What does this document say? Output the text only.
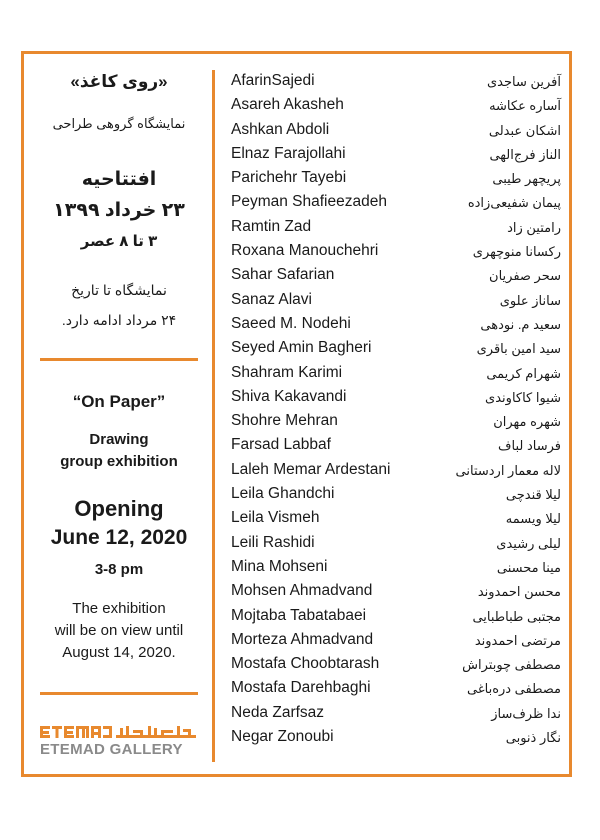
«روی کاغذ»
نمایشگاه گروهی طراحی
افتتاحیه
۲۳ خرداد ۱۳۹۹
۳ تا ۸ عصر
نمایشگاه تا تاریخ
۲۴ مرداد ادامه دارد.
“On Paper”
Drawing
group exhibition
Opening
June 12, 2020
3-8 pm
The exhibition
will be on view until
August 14, 2020.
ETEMAD GALLERY
AfarinSajedi	آفرین ساجدی
Asareh Akasheh	آساره عکاشه
Ashkan Abdoli	اشکان عبدلی
Elnaz Farajollahi	الناز فرج‌الهی
Parichehr Tayebi	پریچهر طیبی
Peyman Shafieezadeh	پیمان شفیعی‌زاده
Ramtin Zad	رامتین زاد
Roxana Manouchehri	رکسانا منوچهری
Sahar Safarian	سحر صفریان
Sanaz Alavi	ساناز علوی
Saeed M. Nodehi	سعید م. نودهی
Seyed Amin Bagheri	سید امین باقری
Shahram Karimi	شهرام کریمی
Shiva Kakavandi	شیوا کاکاوندی
Shohre Mehran	شهره مهران
Farsad Labbaf	فرساد لباف
Laleh Memar Ardestani	لاله معمار اردستانی
Leila Ghandchi	لیلا قندچی
Leila Vismeh	لیلا ویسمه
Leili Rashidi	لیلی رشیدی
Mina Mohseni	مینا محسنی
Mohsen Ahmadvand	محسن احمدوند
Mojtaba Tabatabaei	مجتبی طباطبایی
Morteza Ahmadvand	مرتضی احمدوند
Mostafa Choobtarash	مصطفی چوبتراش
Mostafa Darehbaghi	مصطفی دره‌باغی
Neda Zarfsaz	ندا ظرف‌ساز
Negar Zonoubi	نگار ذنوبی
